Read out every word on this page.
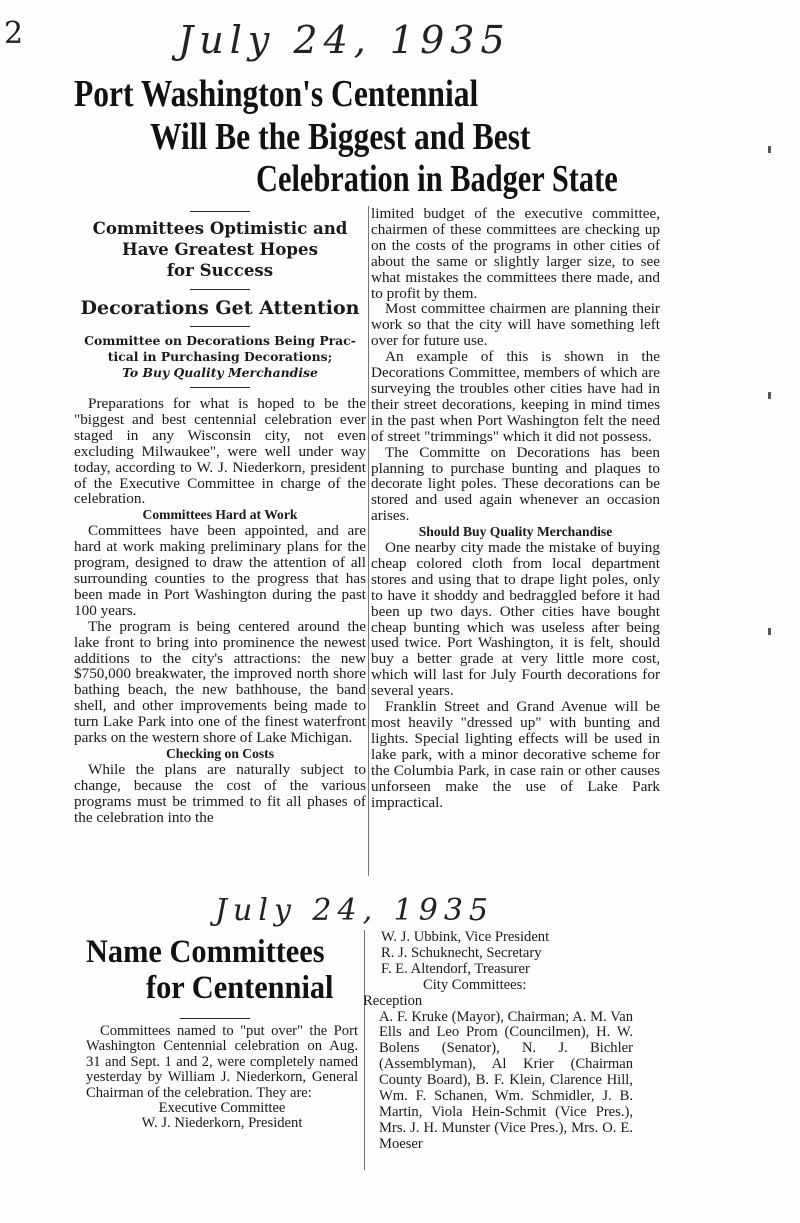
2	July 24, 1935
Port Washington's Centennial
Will Be the Biggest and Best
Celebration in Badger State
Committees Optimistic and
Have Greatest Hopes
for Success
Decorations Get Attention
Committee on Decorations Being Prac-
tical in Purchasing Decorations;
To Buy Quality Merchandise

Preparations for what is hoped to be the "biggest and best centennial celebration ever staged in any Wisconsin city, not even excluding Milwaukee", were well under way today, according to W. J. Niederkorn, president of the Executive Committee in charge of the celebration.

Committees Hard at Work

Committees have been appointed, and are hard at work making preliminary plans for the program, designed to draw the attention of all surrounding counties to the progress that has been made in Port Washington during the past 100 years.

The program is being centered around the lake front to bring into prominence the newest additions to the city's attractions: the new $750,000 breakwater, the improved north shore bathing beach, the new bathhouse, the band shell, and other improvements being made to turn Lake Park into one of the finest waterfront parks on the western shore of Lake Michigan.

Checking on Costs

While the plans are naturally subject to change, because the cost of the various programs must be trimmed to fit all phases of the celebration into the

limited budget of the executive committee, chairmen of these committees are checking up on the costs of the programs in other cities of about the same or slightly larger size, to see what mistakes the committees there made, and to profit by them.

Most committee chairmen are planning their work so that the city will have something left over for future use.

An example of this is shown in the Decorations Committee, members of which are surveying the troubles other cities have had in their street decorations, keeping in mind times in the past when Port Washington felt the need of street "trimmings" which it did not possess.

The Committe on Decorations has been planning to purchase bunting and plaques to decorate light poles. These decorations can be stored and used again whenever an occasion arises.

Should Buy Quality Merchandise

One nearby city made the mistake of buying cheap colored cloth from local department stores and using that to drape light poles, only to have it shoddy and bedraggled before it had been up two days. Other cities have bought cheap bunting which was useless after being used twice. Port Washington, it is felt, should buy a better grade at very little more cost, which will last for July Fourth decorations for several years.

Franklin Street and Grand Avenue will be most heavily "dressed up" with bunting and lights. Special lighting effects will be used in lake park, with a minor decorative scheme for the Columbia Park, in case rain or other causes unforseen make the use of Lake Park impractical.

July 24, 1935
Name Committees
for Centennial

Committees named to "put over" the Port Washington Centennial celebration on Aug. 31 and Sept. 1 and 2, were completely named yesterday by William J. Niederkorn, General Chairman of the celebration. They are:

Executive Committee

W. J. Niederkorn, President

W. J. Ubbink, Vice President
R. J. Schuknecht, Secretary
F. E. Altendorf, Treasurer
City Committees:
Reception

A. F. Kruke (Mayor), Chairman; A. M. Van Ells and Leo Prom (Councilmen), H. W. Bolens (Senator), N. J. Bichler (Assemblyman), Al Krier (Chairman County Board), B. F. Klein, Clarence Hill, Wm. F. Schanen, Wm. Schmidler, J. B. Martin, Viola Hein-Schmit (Vice Pres.), Mrs. J. H. Munster (Vice Pres.), Mrs. O. E. Moeser
